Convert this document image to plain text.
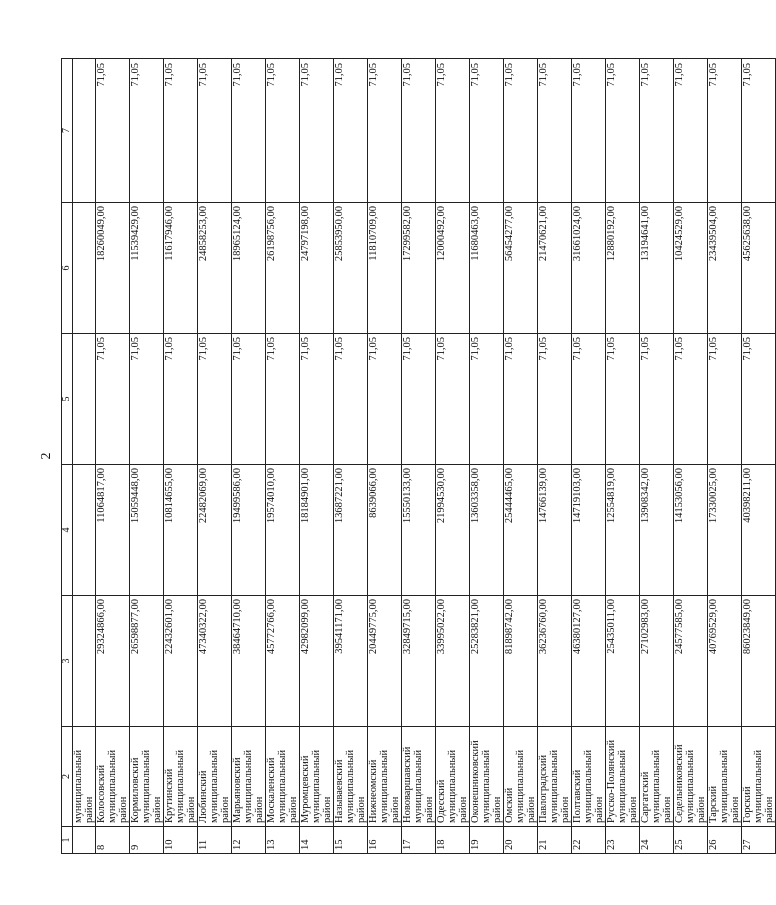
2
1	2	3	4	5	6	7
	муниципальный район					
8	Колосовский муниципальный район	29324866,00	11064817,00	71,05	18260049,00	71,05
9	Кормиловский муниципальный район	26598877,00	15059448,00	71,05	11539429,00	71,05
10	Крутинский муниципальный район	22432601,00	10814655,00	71,05	11617946,00	71,05
11	Любинский муниципальный район	47340322,00	22482069,00	71,05	24858253,00	71,05
12	Марьяновский муниципальный район	38464710,00	19499586,00	71,05	18965124,00	71,05
13	Москаленский муниципальный район	45772766,00	19574010,00	71,05	26198756,00	71,05
14	Муромцевский муниципальный район	42982099,00	18184901,00	71,05	24797198,00	71,05
15	Называевский муниципальный район	39541171,00	13687221,00	71,05	25853950,00	71,05
16	Нижнеомский муниципальный район	20449775,00	8639066,00	71,05	11810709,00	71,05
17	Нововаршавский муниципальный район	32849715,00	15550133,00	71,05	17299582,00	71,05
18	Одесский муниципальный район	33995022,00	21994530,00	71,05	12000492,00	71,05
19	Оконешниковский муниципальный район	25283821,00	13603358,00	71,05	11680463,00	71,05
20	Омский муниципальный район	81898742,00	25444465,00	71,05	56454277,00	71,05
21	Павлоградский муниципальный район	36236760,00	14766139,00	71,05	21470621,00	71,05
22	Полтавский муниципальный район	46380127,00	14719103,00	71,05	31661024,00	71,05
23	Русско-Полянский муниципальный район	25435011,00	12554819,00	71,05	12880192,00	71,05
24	Саргатский муниципальный район	27102983,00	13908342,00	71,05	13194641,00	71,05
25	Седельниковский муниципальный район	24577585,00	14153056,00	71,05	10424529,00	71,05
26	Тарский муниципальный район	40769529,00	17330025,00	71,05	23439504,00	71,05
27	Горский муниципальный район	86023849,00	40398211,00	71,05	45625638,00	71,05
